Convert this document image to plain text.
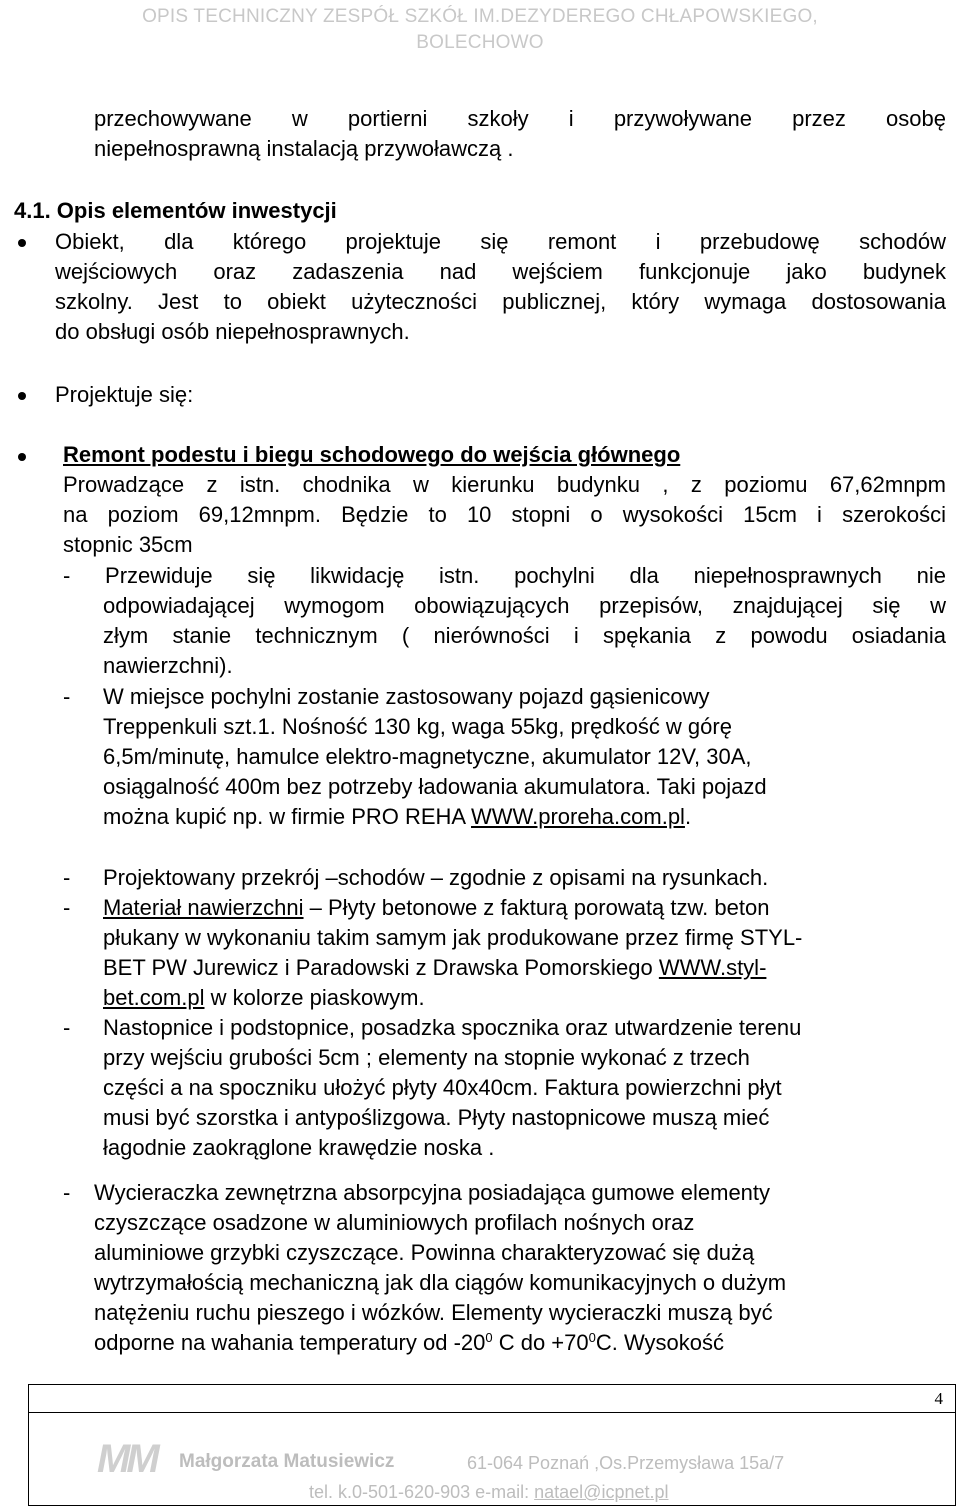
OPIS TECHNICZNY ZESPÓŁ SZKÓŁ IM.DEZYDEREGO CHŁAPOWSKIEGO,
BOLECHOWO
przechowywane w portierni szkoły i przywoływane przez osobę
niepełnosprawną instalacją przywoławczą .
4.1. Opis elementów inwestycji
Obiekt, dla którego projektuje się remont i przebudowę schodów
wejściowych oraz zadaszenia nad wejściem funkcjonuje jako budynek
szkolny. Jest to obiekt użyteczności publicznej, który wymaga dostosowania
do obsługi osób niepełnosprawnych.
Projektuje się:
Remont podestu i biegu schodowego do wejścia głównego
Prowadzące z istn. chodnika w kierunku budynku , z poziomu 67,62mnpm
na poziom 69,12mnpm. Będzie to 10 stopni o wysokości 15cm i szerokości
stopnic 35cm
- Przewiduje się likwidację istn. pochylni dla niepełnosprawnych nie
odpowiadającej wymogom obowiązujących przepisów, znajdującej się w
złym stanie technicznym ( nierówności i spękania z powodu osiadania
nawierzchni).
- W miejsce pochylni zostanie zastosowany pojazd gąsienicowy
Treppenkuli szt.1. Nośność 130 kg, waga 55kg, prędkość w górę
6,5m/minutę, hamulce elektro-magnetyczne, akumulator 12V, 30A,
osiągalność 400m bez potrzeby ładowania akumulatora. Taki pojazd
można kupić np. w firmie PRO REHA WWW.proreha.com.pl.
- Projektowany przekrój –schodów – zgodnie z opisami na rysunkach.
- Materiał nawierzchni – Płyty betonowe z fakturą porowatą tzw. beton
płukany w wykonaniu takim samym jak produkowane przez firmę STYL-
BET PW Jurewicz i Paradowski z Drawska Pomorskiego WWW.styl-
bet.com.pl w kolorze piaskowym.
- Nastopnice i podstopnice, posadzka spocznika oraz utwardzenie terenu
przy wejściu grubości 5cm ; elementy na stopnie wykonać z trzech
części a na spoczniku ułożyć płyty 40x40cm. Faktura powierzchni płyt
musi być szorstka i antypoślizgowa. Płyty nastopnicowe muszą mieć
łagodnie zaokrąglone krawędzie noska .
- Wycieraczka zewnętrzna absorpcyjna posiadająca gumowe elementy
czyszczące osadzone w aluminiowych profilach nośnych oraz
aluminiowe grzybki czyszczące. Powinna charakteryzować się dużą
wytrzymałością mechaniczną jak dla ciągów komunikacyjnych o dużym
natężeniu ruchu pieszego i wózków. Elementy wycieraczki muszą być
odporne na wahania temperatury od $-20^0$ C do $+70^0C$. Wysokość
4
MM Małgorzata Matusiewicz	61-064 Poznań ,Os.Przemysława 15a/7
tel. k.0-501-620-903 e-mail: natael@icpnet.pl
